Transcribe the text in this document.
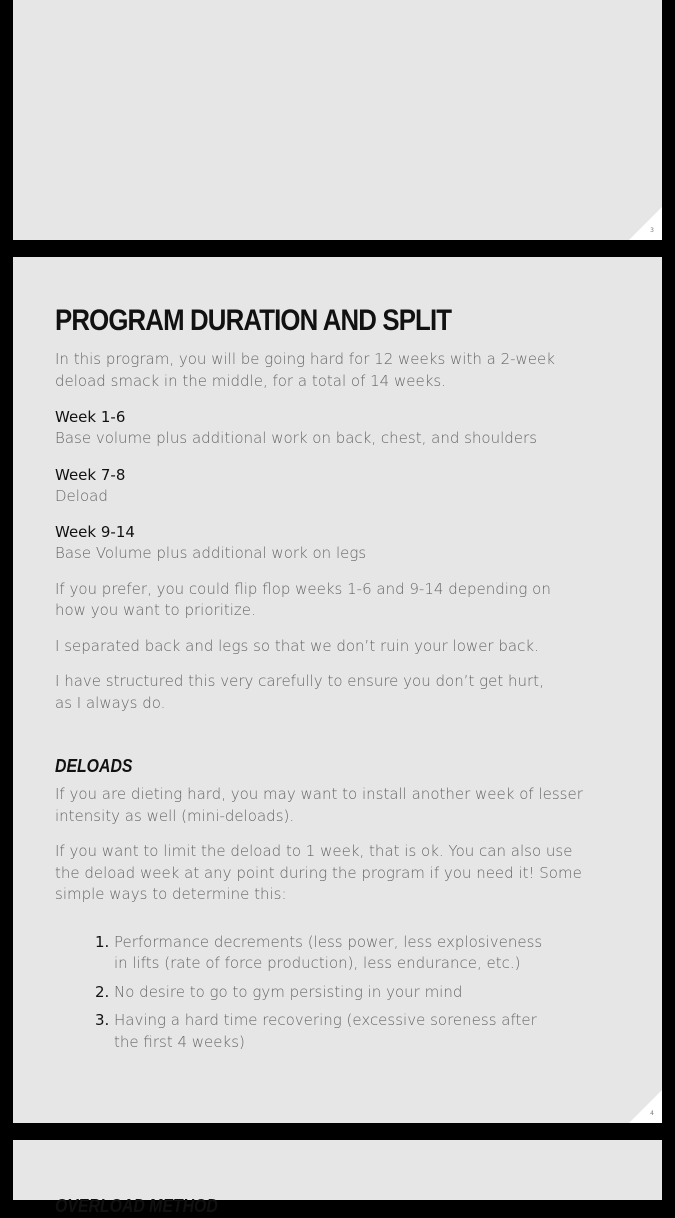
3
PROGRAM DURATION AND SPLIT

In this program, you will be going hard for 12 weeks with a 2-week
deload smack in the middle, for a total of 14 weeks.

Week 1-6
Base volume plus additional work on back, chest, and shoulders
Week 7-8
Deload
Week 9-14
Base Volume plus additional work on legs

If you prefer, you could flip flop weeks 1-6 and 9-14 depending on
how you want to prioritize.

I separated back and legs so that we don’t ruin your lower back.

I have structured this very carefully to ensure you don’t get hurt,
as I always do.

DELOADS

If you are dieting hard, you may want to install another week of lesser
intensity as well (mini-deloads).

If you want to limit the deload to 1 week, that is ok. You can also use
the deload week at any point during the program if you need it! Some
simple ways to determine this:

1. Performance decrements (less power, less explosiveness
in lifts (rate of force production), less endurance, etc.)
2. No desire to go to gym persisting in your mind
3. Having a hard time recovering (excessive soreness after
the first 4 weeks)
4
OVERLOAD METHOD
